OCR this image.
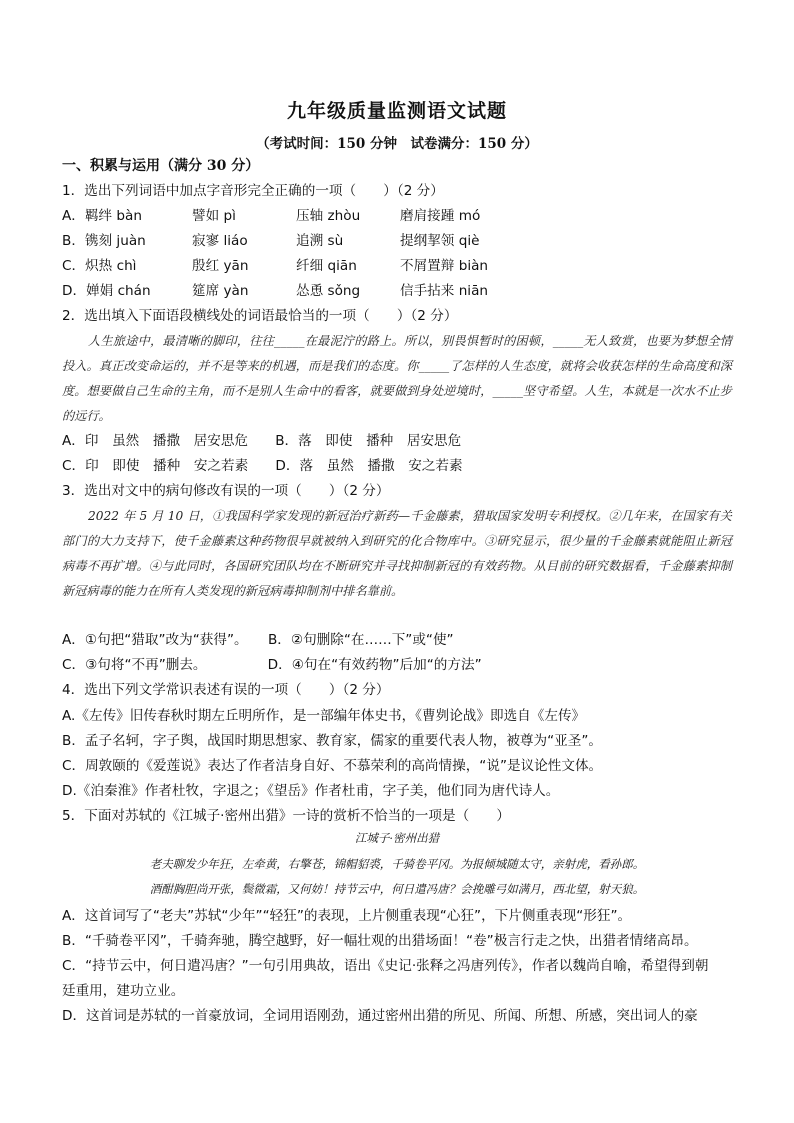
九年级质量监测语文试题
（考试时间：150 分钟　试卷满分：150 分）
一、积累与运用（满分 30 分）
1．选出下列词语中加点字音形完全正确的一项（　　）（2 分）
A．羁绊 bàn	譬如 pì	压轴 zhòu	磨肩接踵 mó
B．镌刻 juàn	寂寥 liáo	追溯 sù	提纲挈领 qiè
C．炽热 chì	殷红 yān	纤细 qiān	不屑置辩 biàn
D．婵娟 chán	筵席 yàn	怂恿 sǒng	信手拈来 niān
2．选出填入下面语段横线处的词语最恰当的一项（　　）（2 分）

人生旅途中，最清晰的脚印，往往_____在最泥泞的路上。所以，别畏惧暂时的困顿，_____无人致赏，也要为梦想全情投入。真正改变命运的，并不是等来的机遇，而是我们的态度。你_____了怎样的人生态度，就将会收获怎样的生命高度和深度。想要做自己生命的主角，而不是别人生命中的看客，就要做到身处逆境时，_____坚守希望。人生，本就是一次水不止步的远行。

A．印　虽然　播撒　居安思危　　B．落　即使　播种　居安思危
C．印　即使　播种　安之若素　　D．落　虽然　播撒　安之若素
3．选出对文中的病句修改有误的一项（　　）（2 分）

2022 年 5 月 10 日，①我国科学家发现的新冠治疗新药—千金藤素，猎取国家发明专利授权。②几年来，在国家有关部门的大力支持下，使千金藤素这种药物很早就被纳入到研究的化合物库中。③研究显示，很少量的千金藤素就能阻止新冠病毒不再扩增。④与此同时，各国研究团队均在不断研究并寻找抑制新冠的有效药物。从目前的研究数据看，千金藤素抑制新冠病毒的能力在所有人类发现的新冠病毒抑制剂中排名靠前。

A．①句把“猎取”改为“获得”。　　B．②句删除“在……下”或“使”
C．③句将“不再”删去。　　　　　D．④句在“有效药物”后加“的方法”
4．选出下列文学常识表述有误的一项（　　）（2 分）
A.《左传》旧传春秋时期左丘明所作，是一部编年体史书，《曹刿论战》即选自《左传》
B．孟子名轲，字子舆，战国时期思想家、教育家，儒家的重要代表人物，被尊为“亚圣”。
C．周敦颐的《爱莲说》表达了作者洁身自好、不慕荣利的高尚情操，“说”是议论性文体。
D.《泊秦淮》作者杜牧，字退之；《望岳》作者杜甫，字子美，他们同为唐代诗人。
5．下面对苏轼的《江城子·密州出猎》一诗的赏析不恰当的一项是（　　）
江城子·密州出猎
老夫聊发少年狂，左牵黄，右擎苍，锦帽貂裘，千骑卷平冈。为报倾城随太守，亲射虎，看孙郎。
酒酣胸胆尚开张，鬓微霜，又何妨！持节云中，何日遣冯唐？会挽雕弓如满月，西北望，射天狼。
A．这首词写了“老夫”苏轼“少年”“轻狂”的表现，上片侧重表现“心狂”，下片侧重表现“形狂”。
B．“千骑卷平冈”，千骑奔驰，腾空越野，好一幅壮观的出猎场面！“卷”极言行走之快，出猎者情绪高昂。
C．“持节云中，何日遣冯唐？”一句引用典故，语出《史记·张释之冯唐列传》，作者以魏尚自喻，希望得到朝
廷重用，建功立业。
D．这首词是苏轼的一首豪放词，全词用语刚劲，通过密州出猎的所见、所闻、所想、所感，突出词人的豪
